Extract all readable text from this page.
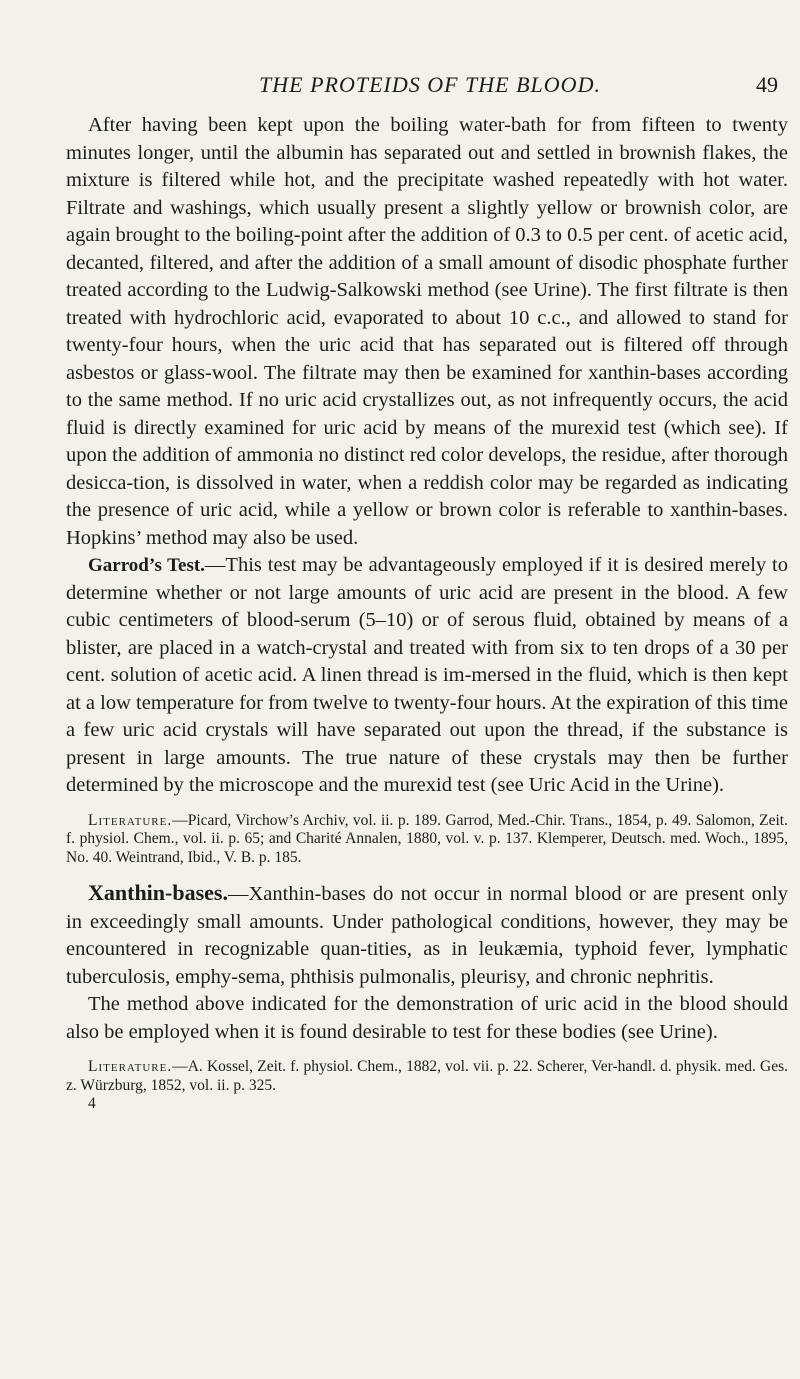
THE PROTEIDS OF THE BLOOD.	49

After having been kept upon the boiling water-bath for from fifteen to twenty minutes longer, until the albumin has separated out and settled in brownish flakes, the mixture is filtered while hot, and the precipitate washed repeatedly with hot water. Filtrate and washings, which usually present a slightly yellow or brownish color, are again brought to the boiling-point after the addition of 0.3 to 0.5 per cent. of acetic acid, decanted, filtered, and after the addition of a small amount of disodic phosphate further treated according to the Ludwig-Salkowski method (see Urine). The first filtrate is then treated with hydrochloric acid, evaporated to about 10 c.c., and allowed to stand for twenty-four hours, when the uric acid that has separated out is filtered off through asbestos or glass-wool. The filtrate may then be examined for xanthin-bases according to the same method. If no uric acid crystallizes out, as not infrequently occurs, the acid fluid is directly examined for uric acid by means of the murexid test (which see). If upon the addition of ammonia no distinct red color develops, the residue, after thorough desicca-tion, is dissolved in water, when a reddish color may be regarded as indicating the presence of uric acid, while a yellow or brown color is referable to xanthin-bases. Hopkins’ method may also be used.

Garrod’s Test.—This test may be advantageously employed if it is desired merely to determine whether or not large amounts of uric acid are present in the blood. A few cubic centimeters of blood-serum (5–10) or of serous fluid, obtained by means of a blister, are placed in a watch-crystal and treated with from six to ten drops of a 30 per cent. solution of acetic acid. A linen thread is im-mersed in the fluid, which is then kept at a low temperature for from twelve to twenty-four hours. At the expiration of this time a few uric acid crystals will have separated out upon the thread, if the substance is present in large amounts. The true nature of these crystals may then be further determined by the microscope and the murexid test (see Uric Acid in the Urine).

Literature.—Picard, Virchow’s Archiv, vol. ii. p. 189. Garrod, Med.-Chir. Trans., 1854, p. 49. Salomon, Zeit. f. physiol. Chem., vol. ii. p. 65; and Charité Annalen, 1880, vol. v. p. 137. Klemperer, Deutsch. med. Woch., 1895, No. 40. Weintrand, Ibid., V. B. p. 185.

Xanthin-bases.—Xanthin-bases do not occur in normal blood or are present only in exceedingly small amounts. Under pathological conditions, however, they may be encountered in recognizable quan-tities, as in leukæmia, typhoid fever, lymphatic tuberculosis, emphy-sema, phthisis pulmonalis, pleurisy, and chronic nephritis.

The method above indicated for the demonstration of uric acid in the blood should also be employed when it is found desirable to test for these bodies (see Urine).

Literature.—A. Kossel, Zeit. f. physiol. Chem., 1882, vol. vii. p. 22. Scherer, Ver-handl. d. physik. med. Ges. z. Würzburg, 1852, vol. ii. p. 325.

4
